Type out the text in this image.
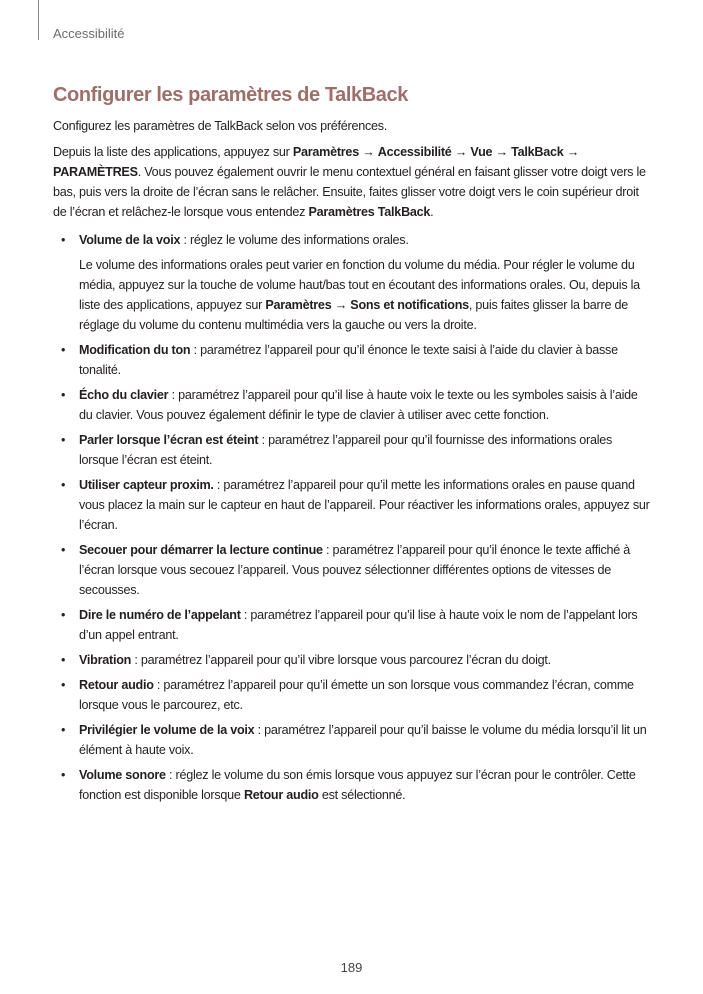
Accessibilité
Configurer les paramètres de TalkBack

Configurez les paramètres de TalkBack selon vos préférences.

Depuis la liste des applications, appuyez sur Paramètres → Accessibilité → Vue → TalkBack → PARAMÈTRES. Vous pouvez également ouvrir le menu contextuel général en faisant glisser votre doigt vers le bas, puis vers la droite de l’écran sans le relâcher. Ensuite, faites glisser votre doigt vers le coin supérieur droit de l’écran et relâchez-le lorsque vous entendez Paramètres TalkBack.

• Volume de la voix : réglez le volume des informations orales.
Le volume des informations orales peut varier en fonction du volume du média. Pour régler le volume du média, appuyez sur la touche de volume haut/bas tout en écoutant des informations orales. Ou, depuis la liste des applications, appuyez sur Paramètres → Sons et notifications, puis faites glisser la barre de réglage du volume du contenu multimédia vers la gauche ou vers la droite.
• Modification du ton : paramétrez l’appareil pour qu’il énonce le texte saisi à l’aide du clavier à basse tonalité.
• Écho du clavier : paramétrez l’appareil pour qu’il lise à haute voix le texte ou les symboles saisis à l’aide du clavier. Vous pouvez également définir le type de clavier à utiliser avec cette fonction.
• Parler lorsque l’écran est éteint : paramétrez l’appareil pour qu’il fournisse des informations orales lorsque l’écran est éteint.
• Utiliser capteur proxim. : paramétrez l’appareil pour qu’il mette les informations orales en pause quand vous placez la main sur le capteur en haut de l’appareil. Pour réactiver les informations orales, appuyez sur l’écran.
• Secouer pour démarrer la lecture continue : paramétrez l’appareil pour qu’il énonce le texte affiché à l’écran lorsque vous secouez l’appareil. Vous pouvez sélectionner différentes options de vitesses de secousses.
• Dire le numéro de l’appelant : paramétrez l’appareil pour qu’il lise à haute voix le nom de l’appelant lors d’un appel entrant.
• Vibration : paramétrez l’appareil pour qu’il vibre lorsque vous parcourez l’écran du doigt.
• Retour audio : paramétrez l’appareil pour qu’il émette un son lorsque vous commandez l’écran, comme lorsque vous le parcourez, etc.
• Privilégier le volume de la voix : paramétrez l’appareil pour qu’il baisse le volume du média lorsqu’il lit un élément à haute voix.
• Volume sonore : réglez le volume du son émis lorsque vous appuyez sur l’écran pour le contrôler. Cette fonction est disponible lorsque Retour audio est sélectionné.
189
